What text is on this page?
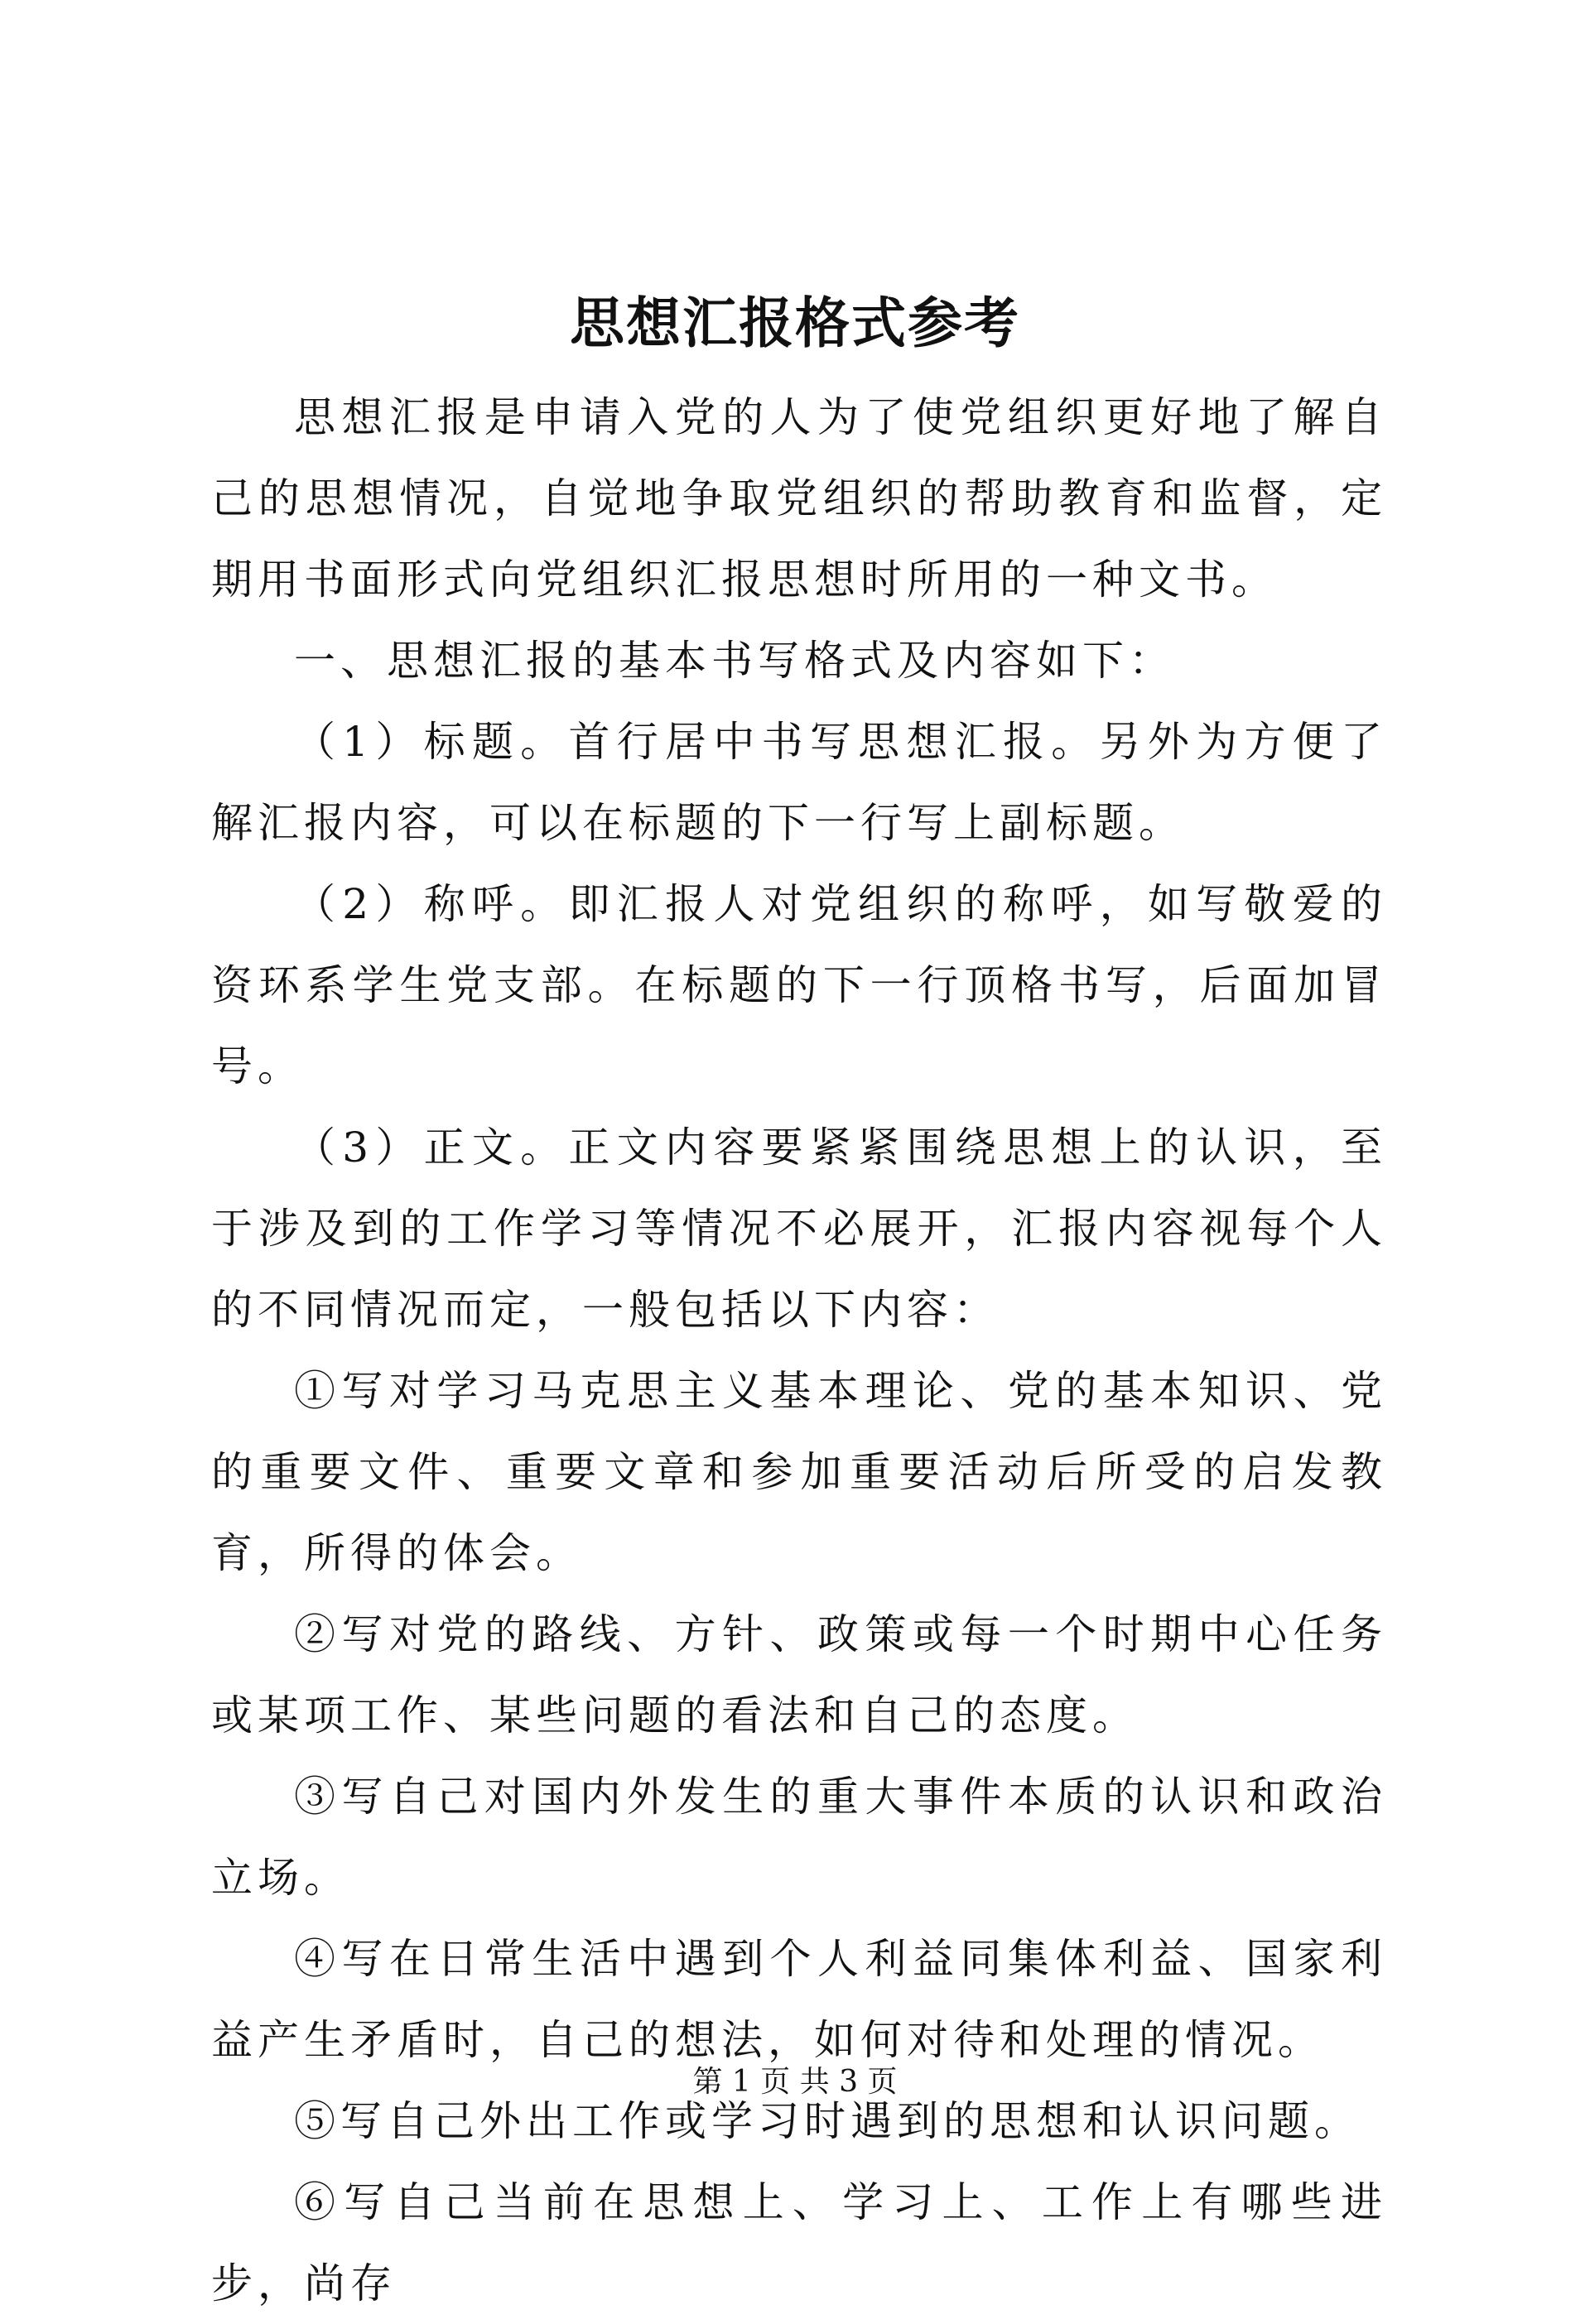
思想汇报格式参考

思想汇报是申请入党的人为了使党组织更好地了解自己的思想情况，自觉地争取党组织的帮助教育和监督，定期用书面形式向党组织汇报思想时所用的一种文书。

一、思想汇报的基本书写格式及内容如下：

（1）标题。首行居中书写思想汇报。另外为方便了解汇报内容，可以在标题的下一行写上副标题。

（2）称呼。即汇报人对党组织的称呼，如写敬爱的资环系学生党支部。在标题的下一行顶格书写，后面加冒号。

（3）正文。正文内容要紧紧围绕思想上的认识，至于涉及到的工作学习等情况不必展开，汇报内容视每个人的不同情况而定，一般包括以下内容：

①写对学习马克思主义基本理论、党的基本知识、党的重要文件、重要文章和参加重要活动后所受的启发教育，所得的体会。

②写对党的路线、方针、政策或每一个时期中心任务或某项工作、某些问题的看法和自己的态度。

③写自己对国内外发生的重大事件本质的认识和政治立场。

④写在日常生活中遇到个人利益同集体利益、国家利益产生矛盾时，自己的想法，如何对待和处理的情况。

⑤写自己外出工作或学习时遇到的思想和认识问题。

⑥写自己当前在思想上、学习上、工作上有哪些进步，尚存

第 1 页 共 3 页
